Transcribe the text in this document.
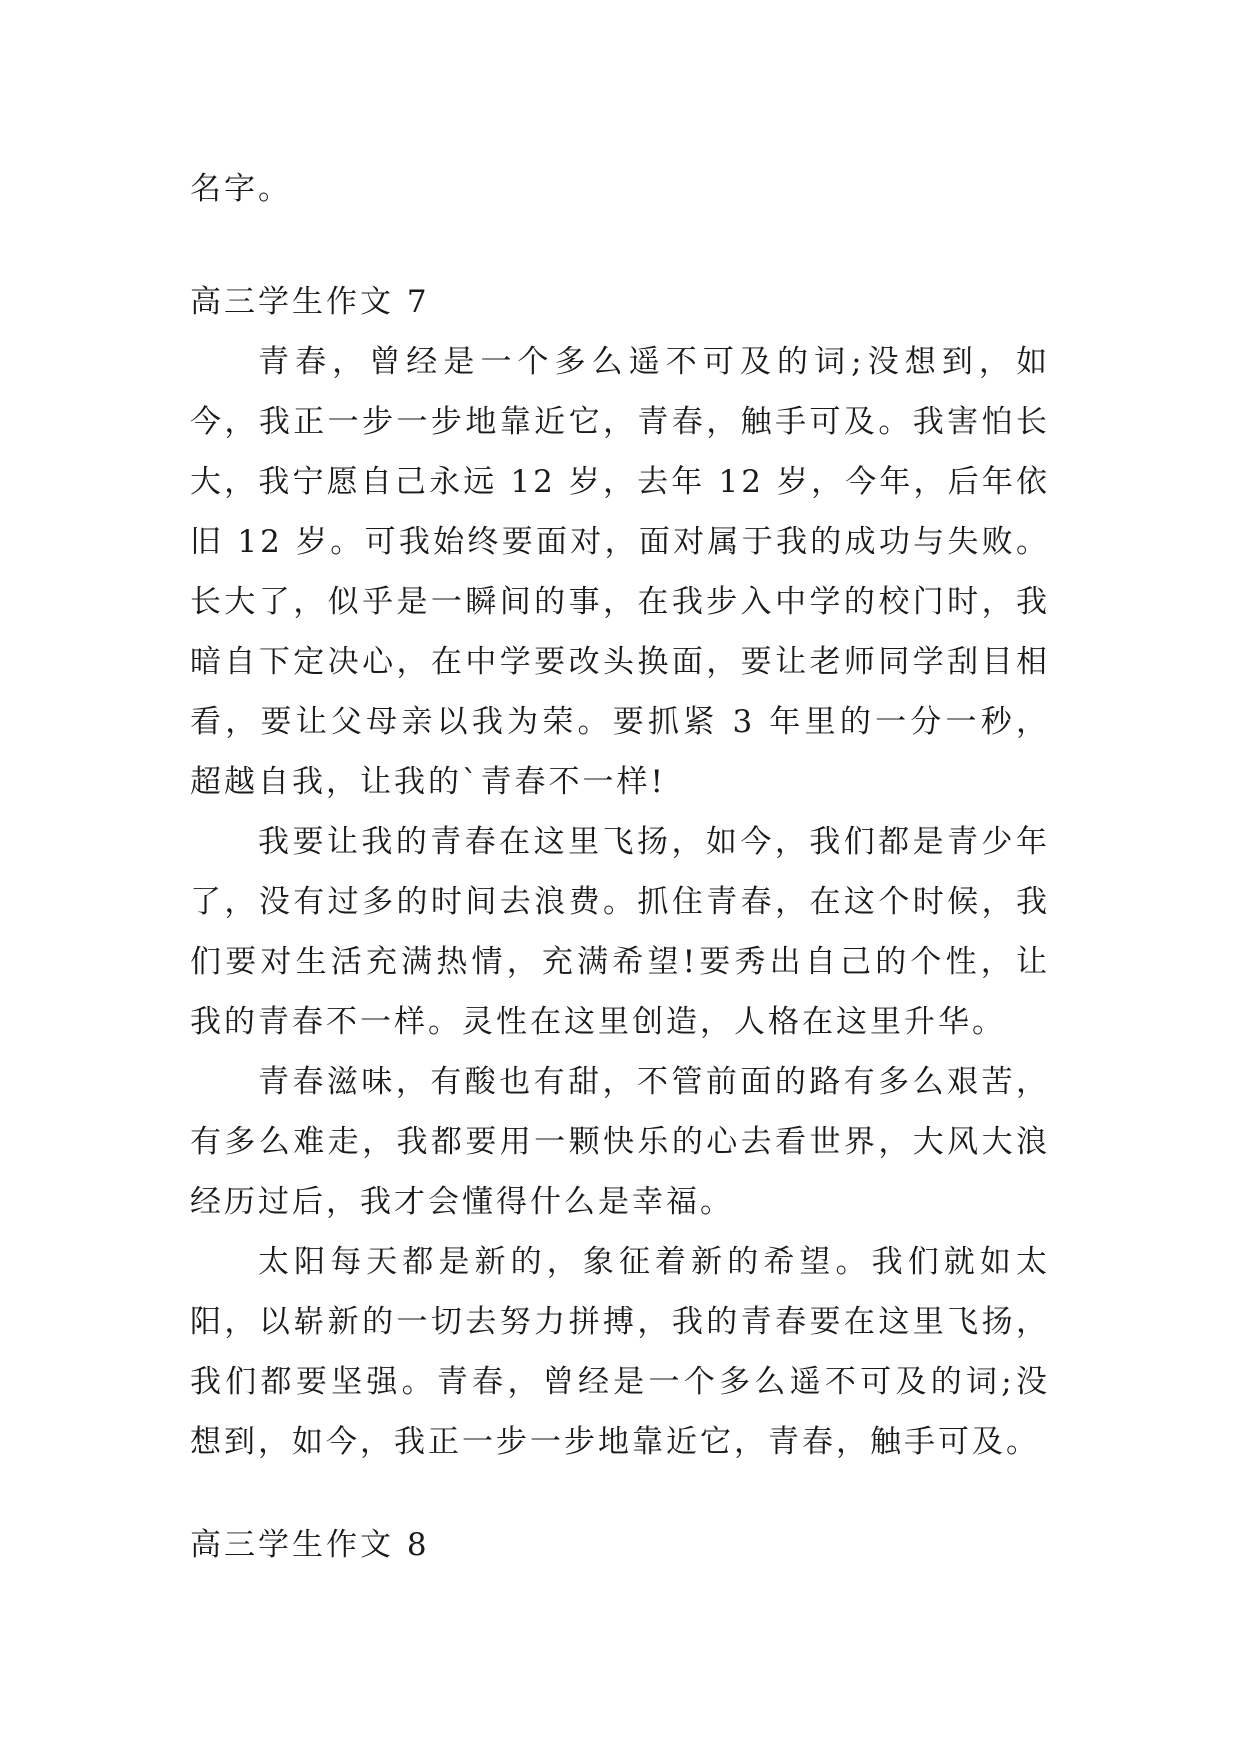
名字。

高三学生作文 7

青春，曾经是一个多么遥不可及的词;没想到，如今，我正一步一步地靠近它，青春，触手可及。我害怕长大，我宁愿自己永远 12 岁，去年 12 岁，今年，后年依旧 12 岁。可我始终要面对，面对属于我的成功与失败。长大了，似乎是一瞬间的事，在我步入中学的校门时，我暗自下定决心，在中学要改头换面，要让老师同学刮目相看，要让父母亲以我为荣。要抓紧 3 年里的一分一秒，超越自我，让我的`青春不一样!

我要让我的青春在这里飞扬，如今，我们都是青少年了，没有过多的时间去浪费。抓住青春，在这个时候，我们要对生活充满热情，充满希望!要秀出自己的个性，让我的青春不一样。灵性在这里创造，人格在这里升华。

青春滋味，有酸也有甜，不管前面的路有多么艰苦，有多么难走，我都要用一颗快乐的心去看世界，大风大浪经历过后，我才会懂得什么是幸福。

太阳每天都是新的，象征着新的希望。我们就如太阳，以崭新的一切去努力拼搏，我的青春要在这里飞扬，我们都要坚强。青春，曾经是一个多么遥不可及的词;没想到，如今，我正一步一步地靠近它，青春，触手可及。

高三学生作文 8
